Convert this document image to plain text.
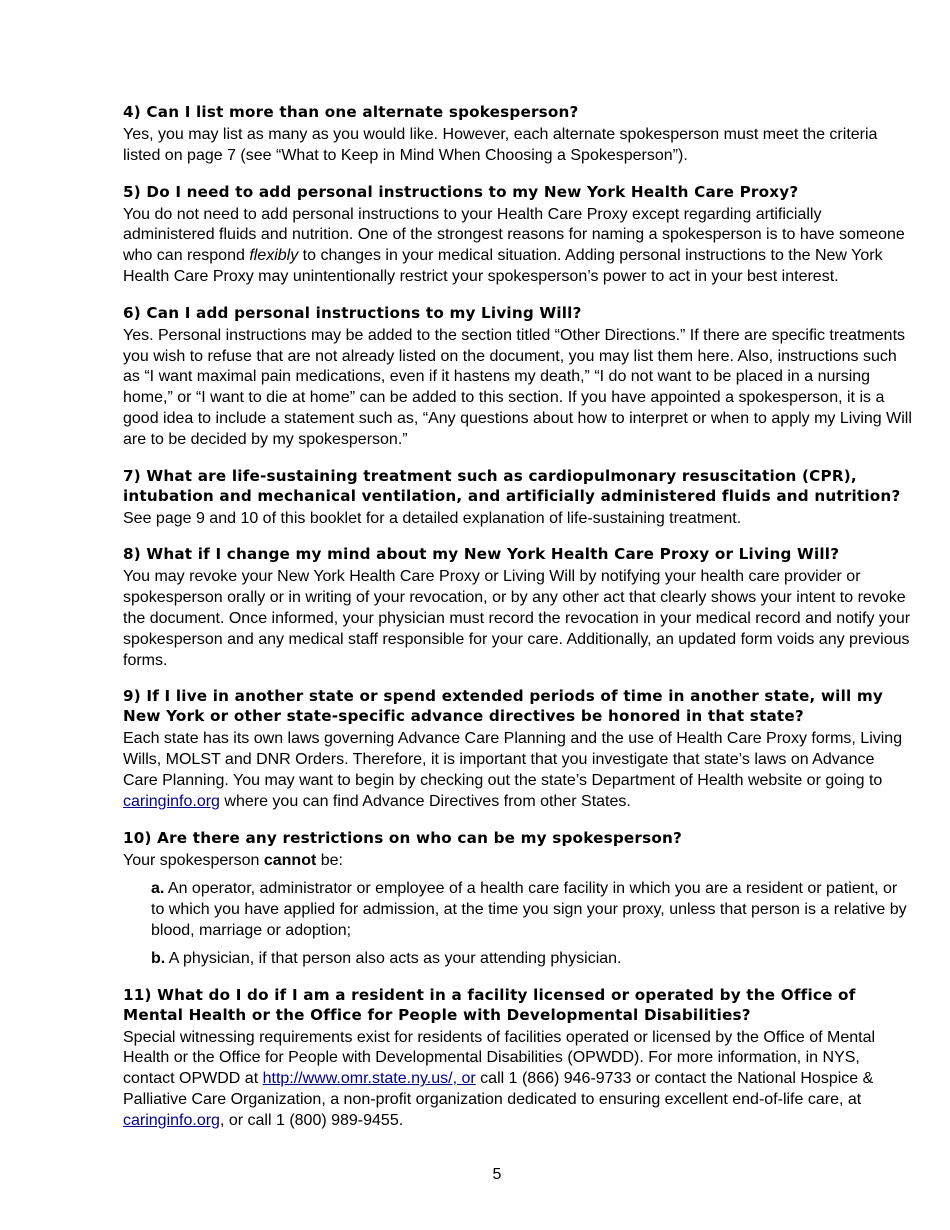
4) Can I list more than one alternate spokesperson?

Yes, you may list as many as you would like. However, each alternate spokesperson must meet the criteria listed on page 7 (see “What to Keep in Mind When Choosing a Spokesperson”).

5) Do I need to add personal instructions to my New York Health Care Proxy?

You do not need to add personal instructions to your Health Care Proxy except regarding artificially administered fluids and nutrition. One of the strongest reasons for naming a spokesperson is to have someone who can respond flexibly to changes in your medical situation. Adding personal instructions to the New York Health Care Proxy may unintentionally restrict your spokesperson’s power to act in your best interest.

6) Can I add personal instructions to my Living Will?

Yes. Personal instructions may be added to the section titled “Other Directions.” If there are specific treatments you wish to refuse that are not already listed on the document, you may list them here. Also, instructions such as “I want maximal pain medications, even if it hastens my death,” “I do not want to be placed in a nursing home,” or “I want to die at home” can be added to this section. If you have appointed a spokesperson, it is a good idea to include a statement such as, “Any questions about how to interpret or when to apply my Living Will are to be decided by my spokesperson.”

7) What are life-sustaining treatment such as cardiopulmonary resuscitation (CPR), intubation and mechanical ventilation, and artificially administered fluids and nutrition?

See page 9 and 10 of this booklet for a detailed explanation of life-sustaining treatment.

8) What if I change my mind about my New York Health Care Proxy or Living Will?

You may revoke your New York Health Care Proxy or Living Will by notifying your health care provider or spokesperson orally or in writing of your revocation, or by any other act that clearly shows your intent to revoke the document. Once informed, your physician must record the revocation in your medical record and notify your spokesperson and any medical staff responsible for your care. Additionally, an updated form voids any previous forms.

9) If I live in another state or spend extended periods of time in another state, will my New York or other state-specific advance directives be honored in that state?

Each state has its own laws governing Advance Care Planning and the use of Health Care Proxy forms, Living Wills, MOLST and DNR Orders. Therefore, it is important that you investigate that state’s laws on Advance Care Planning. You may want to begin by checking out the state’s Department of Health website or going to caringinfo.org where you can find Advance Directives from other States.

10) Are there any restrictions on who can be my spokesperson?

Your spokesperson cannot be:

a. An operator, administrator or employee of a health care facility in which you are a resident or patient, or to which you have applied for admission, at the time you sign your proxy, unless that person is a relative by blood, marriage or adoption;
b. A physician, if that person also acts as your attending physician.

11) What do I do if I am a resident in a facility licensed or operated by the Office of Mental Health or the Office for People with Developmental Disabilities?

Special witnessing requirements exist for residents of facilities operated or licensed by the Office of Mental Health or the Office for People with Developmental Disabilities (OPWDD). For more information, in NYS, contact OPWDD at http://www.omr.state.ny.us/, or call 1 (866) 946-9733 or contact the National Hospice & Palliative Care Organization, a non-profit organization dedicated to ensuring excellent end-of-life care, at caringinfo.org, or call 1 (800) 989-9455.

5
